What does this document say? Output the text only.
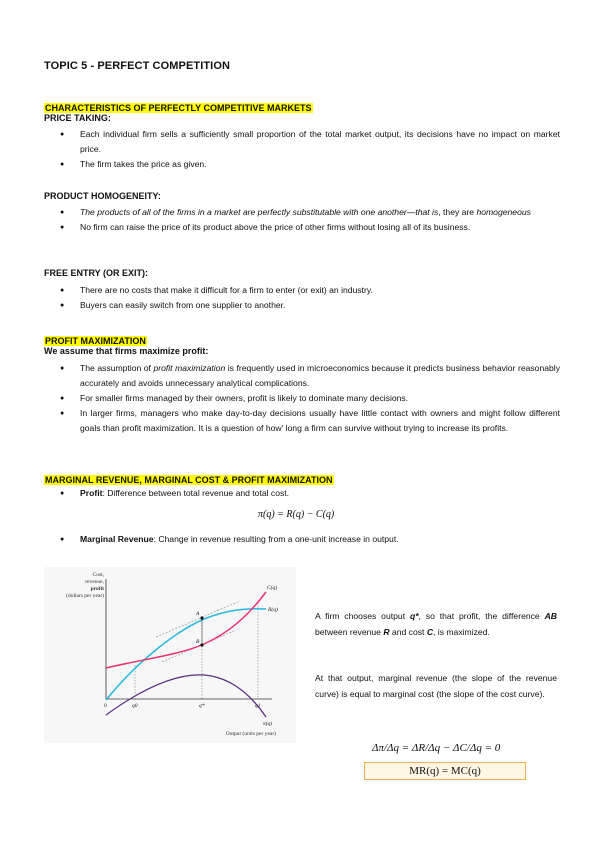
TOPIC 5 - PERFECT COMPETITION
CHARACTERISTICS OF PERFECTLY COMPETITIVE MARKETS
PRICE TAKING:
● Each individual firm sells a sufficiently small proportion of the total market output, its decisions have no impact on market price.
● The firm takes the price as given.
PRODUCT HOMOGENEITY:
● The products of all of the firms in a market are perfectly substitutable with one another—that is, they are homogeneous
● No firm can raise the price of its product above the price of other firms without losing all of its business.
FREE ENTRY (OR EXIT):
● There are no costs that make it difficult for a firm to enter (or exit) an industry.
● Buyers can easily switch from one supplier to another.
PROFIT MAXIMIZATION
We assume that firms maximize profit:
● The assumption of profit maximization is frequently used in microeconomics because it predicts business behavior reasonably accurately and avoids unnecessary analytical complications.
● For smaller firms managed by their owners, profit is likely to dominate many decisions.
● In larger firms, managers who make day-to-day decisions usually have little contact with owners and might follow different goals than profit maximization. It is a question of how' long a firm can survive without trying to increase its profits.
MARGINAL REVENUE, MARGINAL COST & PROFIT MAXIMIZATION
● Profit: Difference between total revenue and total cost.
π(q) = R(q) − C(q)
● Marginal Revenue: Change in revenue resulting from a one-unit increase in output.
Cost,
revenue,
profit
(dollars per year)
A
B
C(q)
R(q)
π(q)
0	q0	q*	q1
Output (units per year)
A firm chooses output q*, so that profit, the difference AB between revenue R and cost C, is maximized.
At that output, marginal revenue (the slope of the revenue curve) is equal to marginal cost (the slope of the cost curve).
Δπ/Δq = ΔR/Δq − ΔC/Δq = 0
MR(q) = MC(q)
